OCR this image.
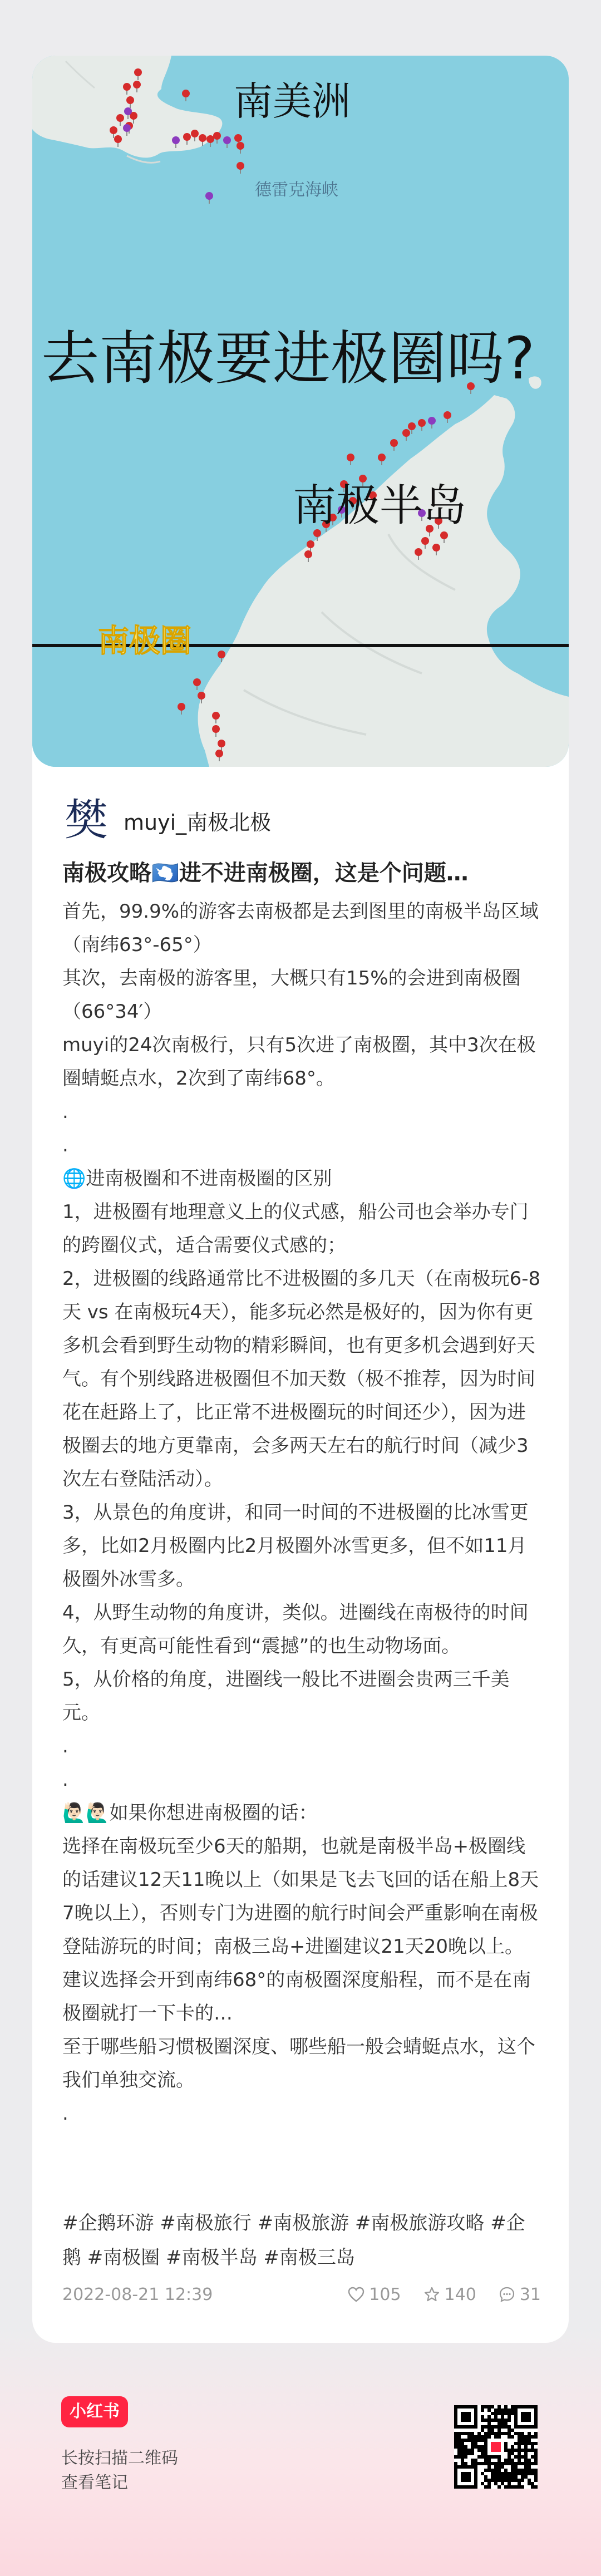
南美洲
德雷克海峡
去南极要进极圈吗?
南极半岛
南极圈
樊 muyi_南极北极

南极攻略🇦🇶进不进南极圈，这是个问题…

首先，99.9%的游客去南极都是去到图里的南极半岛区域（南纬63°-65°）

其次，去南极的游客里，大概只有15%的会进到南极圈（66°34′）

muyi的24次南极行，只有5次进了南极圈，其中3次在极圈蜻蜓点水，2次到了南纬68°。

.

.

🌐进南极圈和不进南极圈的区别

1，进极圈有地理意义上的仪式感，船公司也会举办专门的跨圈仪式，适合需要仪式感的；

2，进极圈的线路通常比不进极圈的多几天（在南极玩6-8天 vs 在南极玩4天），能多玩必然是极好的，因为你有更多机会看到野生动物的精彩瞬间，也有更多机会遇到好天气。有个别线路进极圈但不加天数（极不推荐，因为时间花在赶路上了，比正常不进极圈玩的时间还少），因为进极圈去的地方更靠南，会多两天左右的航行时间（减少3次左右登陆活动）。

3，从景色的角度讲，和同一时间的不进极圈的比冰雪更多，比如2月极圈内比2月极圈外冰雪更多，但不如11月极圈外冰雪多。

4，从野生动物的角度讲，类似。进圈线在南极待的时间久，有更高可能性看到“震撼”的也生动物场面。

5，从价格的角度，进圈线一般比不进圈会贵两三千美元。

.

.

🙋🏻‍♂️🙋🏻‍♂️如果你想进南极圈的话：

选择在南极玩至少6天的船期，也就是南极半岛+极圈线的话建议12天11晚以上（如果是飞去飞回的话在船上8天7晚以上），否则专门为进圈的航行时间会严重影响在南极登陆游玩的时间；南极三岛+进圈建议21天20晚以上。

建议选择会开到南纬68°的南极圈深度船程，而不是在南极圈就打一下卡的…

至于哪些船习惯极圈深度、哪些船一般会蜻蜓点水，这个我们单独交流。

.

#企鹅环游 #南极旅行 #南极旅游 #南极旅游攻略 #企鹅 #南极圈 #南极半岛 #南极三岛
2022-08-21 12:39	105	140	31
小红书
长按扫描二维码
查看笔记
